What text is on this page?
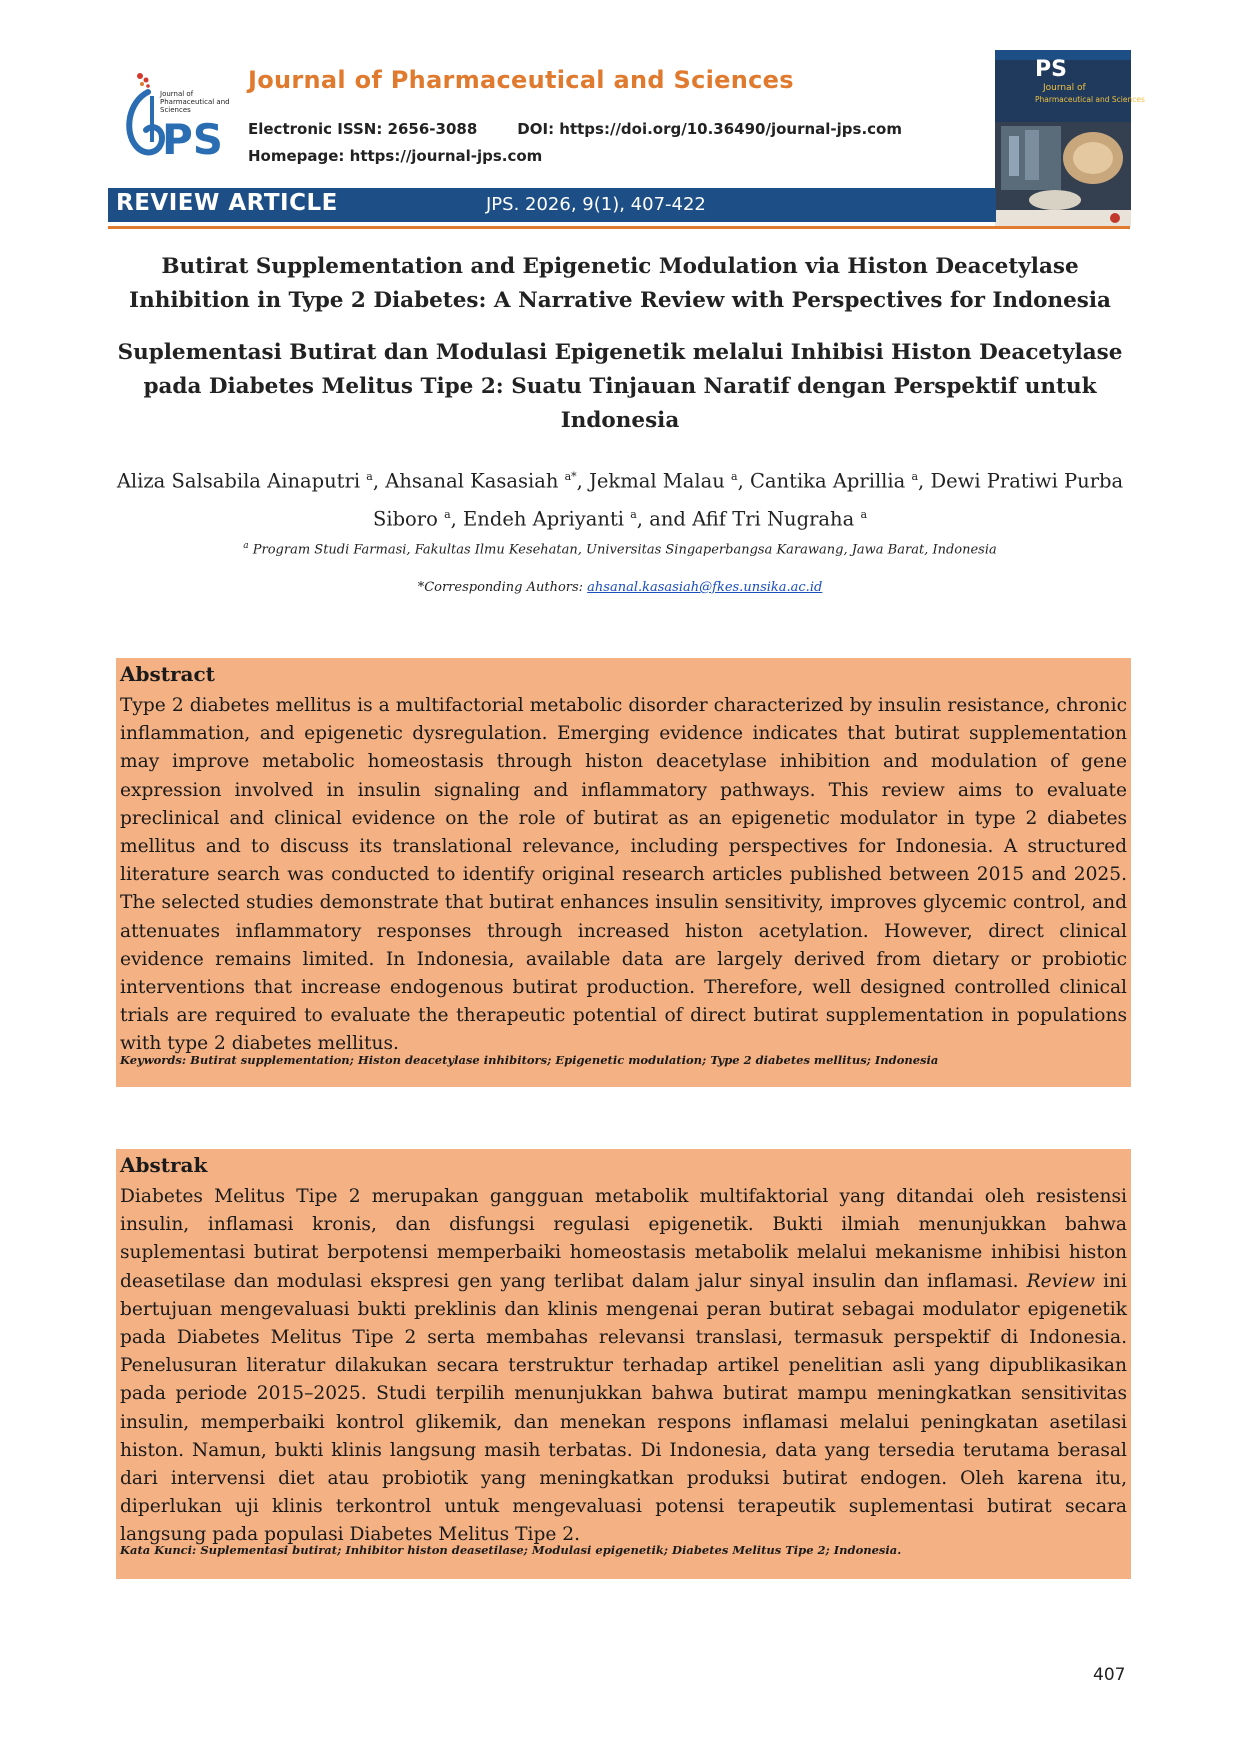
Journal of
Pharmaceutical and
Sciences
PS
Journal of Pharmaceutical and Sciences
Electronic ISSN: 2656-3088	DOI: https://doi.org/10.36490/journal-jps.com
Homepage: https://journal-jps.com
PS
Journal of
Pharmaceutical and Sciences
REVIEW ARTICLE	JPS. 2026, 9(1), 407-422
Butirat Supplementation and Epigenetic Modulation via Histon Deacetylase Inhibition in Type 2 Diabetes: A Narrative Review with Perspectives for Indonesia
Suplementasi Butirat dan Modulasi Epigenetik melalui Inhibisi Histon Deacetylase pada Diabetes Melitus Tipe 2: Suatu Tinjauan Naratif dengan Perspektif untuk Indonesia
Aliza Salsabila Ainaputri $^a$, Ahsanal Kasasiah $^{a*}$, Jekmal Malau $^a$, Cantika Aprillia $^a$, Dewi Pratiwi Purba Siboro $^a$, Endeh Apriyanti $^a$, and Afif Tri Nugraha $^a$
$^a$ Program Studi Farmasi, Fakultas Ilmu Kesehatan, Universitas Singaperbangsa Karawang, Jawa Barat, Indonesia
*Corresponding Authors: ahsanal.kasasiah@fkes.unsika.ac.id
Abstract
Type 2 diabetes mellitus is a multifactorial metabolic disorder characterized by insulin resistance, chronic inflammation, and epigenetic dysregulation. Emerging evidence indicates that butirat supplementation may improve metabolic homeostasis through histon deacetylase inhibition and modulation of gene expression involved in insulin signaling and inflammatory pathways. This review aims to evaluate preclinical and clinical evidence on the role of butirat as an epigenetic modulator in type 2 diabetes mellitus and to discuss its translational relevance, including perspectives for Indonesia. A structured literature search was conducted to identify original research articles published between 2015 and 2025. The selected studies demonstrate that butirat enhances insulin sensitivity, improves glycemic control, and attenuates inflammatory responses through increased histon acetylation. However, direct clinical evidence remains limited. In Indonesia, available data are largely derived from dietary or probiotic interventions that increase endogenous butirat production. Therefore, well designed controlled clinical trials are required to evaluate the therapeutic potential of direct butirat supplementation in populations with type 2 diabetes mellitus.
Keywords: Butirat supplementation; Histon deacetylase inhibitors; Epigenetic modulation; Type 2 diabetes mellitus; Indonesia
Abstrak
Diabetes Melitus Tipe 2 merupakan gangguan metabolik multifaktorial yang ditandai oleh resistensi insulin, inflamasi kronis, dan disfungsi regulasi epigenetik. Bukti ilmiah menunjukkan bahwa suplementasi butirat berpotensi memperbaiki homeostasis metabolik melalui mekanisme inhibisi histon deasetilase dan modulasi ekspresi gen yang terlibat dalam jalur sinyal insulin dan inflamasi. Review ini bertujuan mengevaluasi bukti preklinis dan klinis mengenai peran butirat sebagai modulator epigenetik pada Diabetes Melitus Tipe 2 serta membahas relevansi translasi, termasuk perspektif di Indonesia. Penelusuran literatur dilakukan secara terstruktur terhadap artikel penelitian asli yang dipublikasikan pada periode 2015–2025. Studi terpilih menunjukkan bahwa butirat mampu meningkatkan sensitivitas insulin, memperbaiki kontrol glikemik, dan menekan respons inflamasi melalui peningkatan asetilasi histon. Namun, bukti klinis langsung masih terbatas. Di Indonesia, data yang tersedia terutama berasal dari intervensi diet atau probiotik yang meningkatkan produksi butirat endogen. Oleh karena itu, diperlukan uji klinis terkontrol untuk mengevaluasi potensi terapeutik suplementasi butirat secara langsung pada populasi Diabetes Melitus Tipe 2.
Kata Kunci: Suplementasi butirat; Inhibitor histon deasetilase; Modulasi epigenetik; Diabetes Melitus Tipe 2; Indonesia.
407
